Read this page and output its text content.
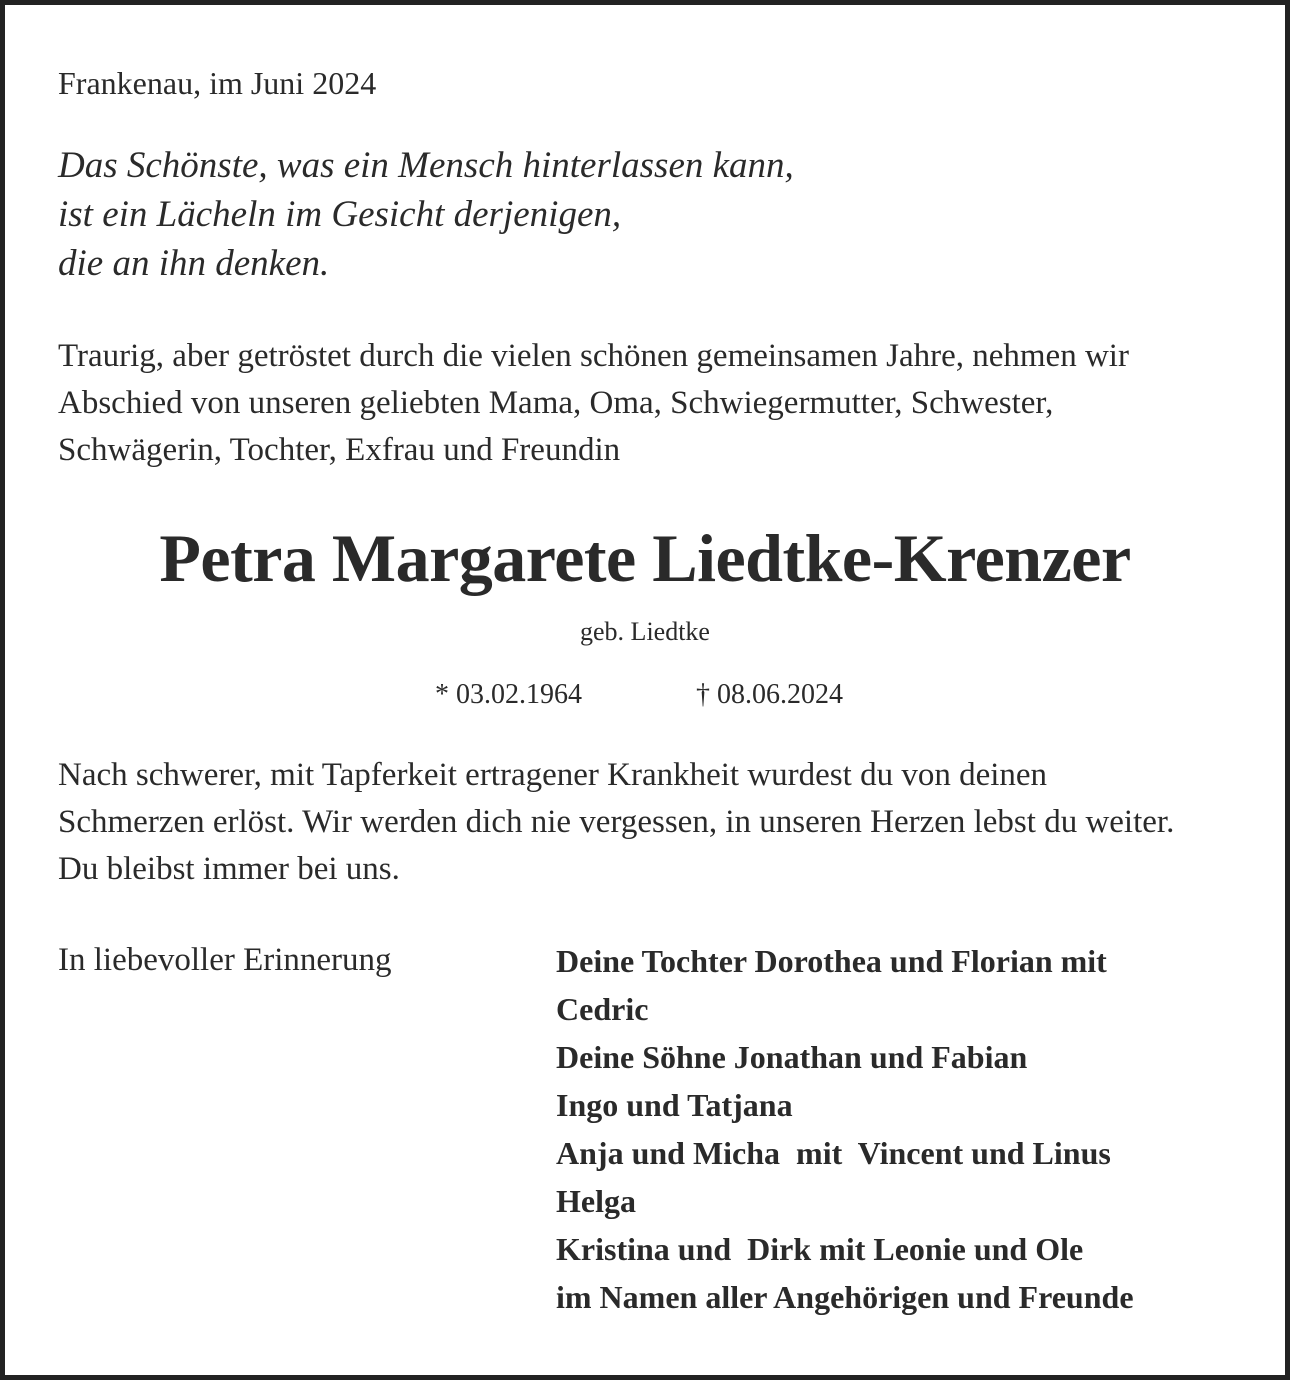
Frankenau, im Juni 2024

Das Schönste, was ein Mensch hinterlassen kann,
ist ein Lächeln im Gesicht derjenigen,
die an ihn denken.

Traurig, aber getröstet durch die vielen schönen gemeinsamen Jahre, nehmen wir
Abschied von unseren geliebten Mama, Oma, Schwiegermutter, Schwester,
Schwägerin, Tochter, Exfrau und Freundin

Petra Margarete Liedtke-Krenzer

geb. Liedtke

* 03.02.1964	† 08.06.2024

Nach schwerer, mit Tapferkeit ertragener Krankheit wurdest du von deinen
Schmerzen erlöst. Wir werden dich nie vergessen, in unseren Herzen lebst du weiter.
Du bleibst immer bei uns.

In liebevoller Erinnerung	Deine Tochter Dorothea und Florian mit
Cedric
Deine Söhne Jonathan und Fabian
Ingo und Tatjana
Anja und Micha  mit  Vincent und Linus
Helga
Kristina und  Dirk mit Leonie und Ole
im Namen aller Angehörigen und Freunde
